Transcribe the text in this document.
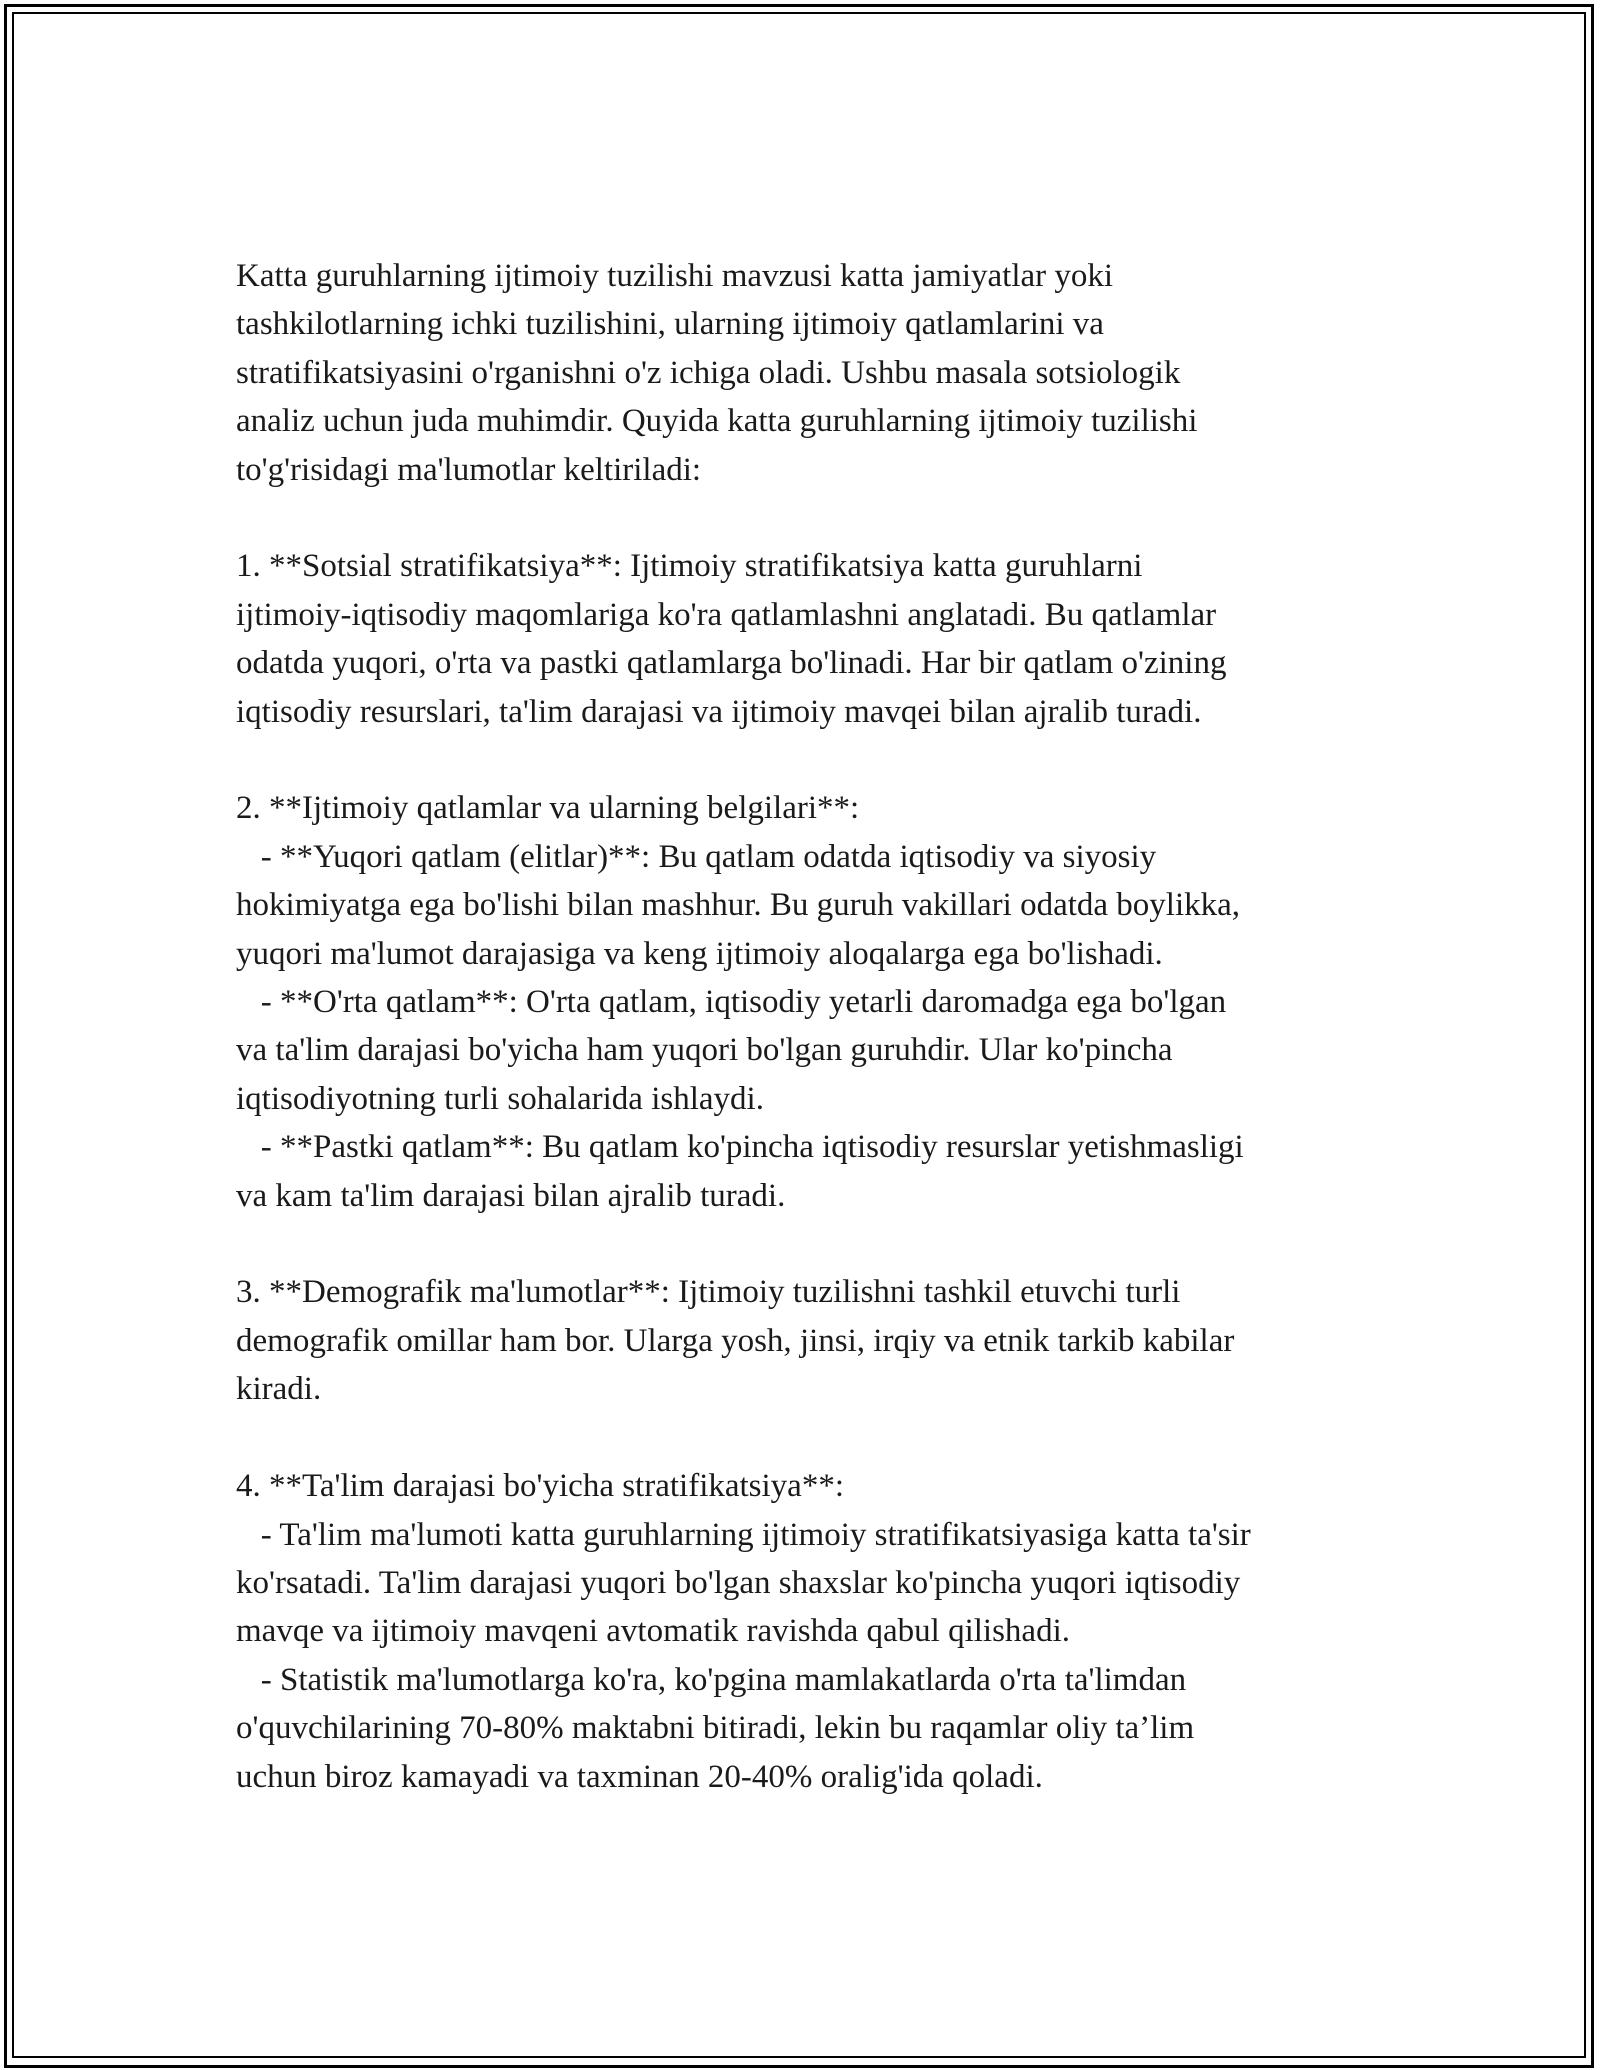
Katta guruhlarning ijtimoiy tuzilishi mavzusi katta jamiyatlar yoki
tashkilotlarning ichki tuzilishini, ularning ijtimoiy qatlamlarini va
stratifikatsiyasini o'rganishni o'z ichiga oladi. Ushbu masala sotsiologik
analiz uchun juda muhimdir. Quyida katta guruhlarning ijtimoiy tuzilishi
to'g'risidagi ma'lumotlar keltiriladi:
1. **Sotsial stratifikatsiya**: Ijtimoiy stratifikatsiya katta guruhlarni
ijtimoiy-iqtisodiy maqomlariga ko'ra qatlamlashni anglatadi. Bu qatlamlar
odatda yuqori, o'rta va pastki qatlamlarga bo'linadi. Har bir qatlam o'zining
iqtisodiy resurslari, ta'lim darajasi va ijtimoiy mavqei bilan ajralib turadi.
2. **Ijtimoiy qatlamlar va ularning belgilari**:
- **Yuqori qatlam (elitlar)**: Bu qatlam odatda iqtisodiy va siyosiy
hokimiyatga ega bo'lishi bilan mashhur. Bu guruh vakillari odatda boylikka,
yuqori ma'lumot darajasiga va keng ijtimoiy aloqalarga ega bo'lishadi.
- **O'rta qatlam**: O'rta qatlam, iqtisodiy yetarli daromadga ega bo'lgan
va ta'lim darajasi bo'yicha ham yuqori bo'lgan guruhdir. Ular ko'pincha
iqtisodiyotning turli sohalarida ishlaydi.
- **Pastki qatlam**: Bu qatlam ko'pincha iqtisodiy resurslar yetishmasligi
va kam ta'lim darajasi bilan ajralib turadi.
3. **Demografik ma'lumotlar**: Ijtimoiy tuzilishni tashkil etuvchi turli
demografik omillar ham bor. Ularga yosh, jinsi, irqiy va etnik tarkib kabilar
kiradi.
4. **Ta'lim darajasi bo'yicha stratifikatsiya**:
- Ta'lim ma'lumoti katta guruhlarning ijtimoiy stratifikatsiyasiga katta ta'sir
ko'rsatadi. Ta'lim darajasi yuqori bo'lgan shaxslar ko'pincha yuqori iqtisodiy
mavqe va ijtimoiy mavqeni avtomatik ravishda qabul qilishadi.
- Statistik ma'lumotlarga ko'ra, ko'pgina mamlakatlarda o'rta ta'limdan
o'quvchilarining 70-80% maktabni bitiradi, lekin bu raqamlar oliy ta’lim
uchun biroz kamayadi va taxminan 20-40% oralig'ida qoladi.
